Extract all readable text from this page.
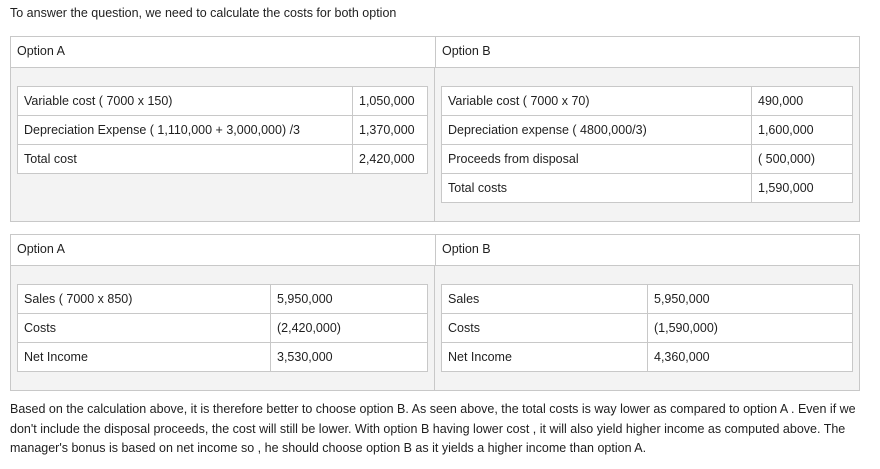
To answer the question, we need to calculate the costs for both option
Option A	Option B
Variable cost ( 7000 x 150)	1,050,000
Depreciation Expense ( 1,110,000 + 3,000,000) /3	1,370,000
Total cost	2,420,000
Variable cost ( 7000 x 70)	490,000
Depreciation expense ( 4800,000/3)	1,600,000
Proceeds from disposal	( 500,000)
Total costs	1,590,000
Option A	Option B
Sales ( 7000 x 850)	5,950,000
Costs	(2,420,000)
Net Income	3,530,000
Sales	5,950,000
Costs	(1,590,000)
Net Income	4,360,000

Based on the calculation above, it is therefore better to choose option B. As seen above, the total costs is way lower as compared to option A . Even if we don't include the disposal proceeds, the cost will still be lower. With option B having lower cost , it will also yield higher income as computed above. The manager's bonus is based on net income so , he should choose option B as it yields a higher income than option A.
